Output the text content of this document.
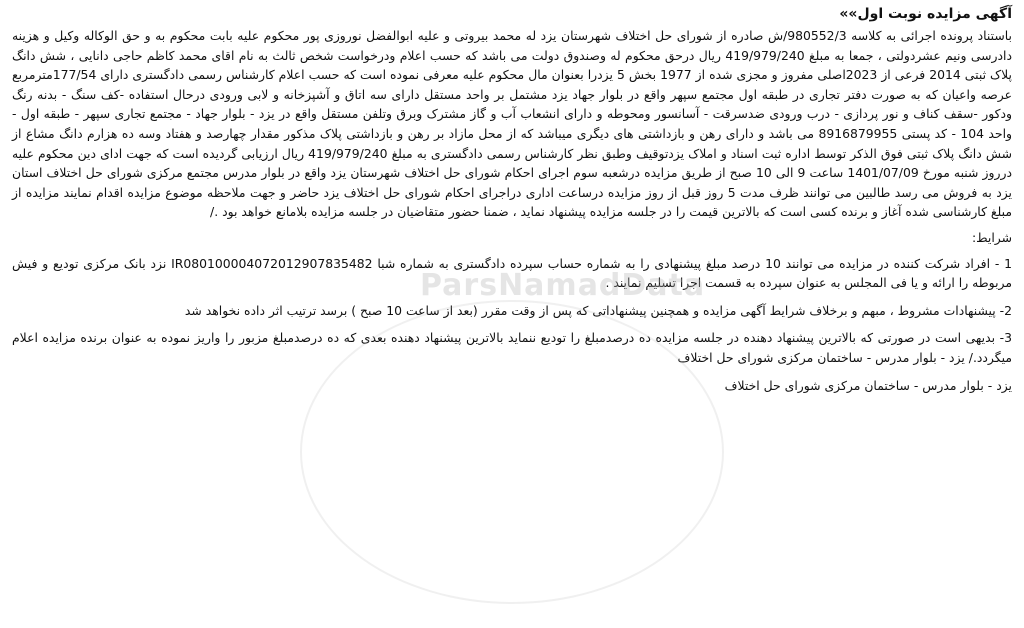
ParsNamadData
آگهی مزایده نوبت اول»»

باستناد پرونده اجرائی به کلاسه 980552/3/ش صادره از شورای حل اختلاف شهرستان یزد له محمد بیروتی و علیه ابوالفضل نوروزی پور محکوم علیه بابت محکوم به و حق الوکاله وکیل و هزینه دادرسی ونیم عشردولتی ، جمعا به مبلغ 419/979/240 ریال درحق محکوم له وصندوق دولت می باشد که حسب اعلام ودرخواست شخص ثالث به نام اقای محمد کاظم حاجی دانایی ، شش دانگ پلاک ثبتی 2014 فرعی از 2023اصلی مفروز و مجزی شده از 1977 بخش 5 یزدرا بعنوان مال محکوم علیه معرفی نموده است که حسب اعلام کارشناس رسمی دادگستری دارای 177/54مترمربع عرصه واعیان که به صورت دفتر تجاری در طبقه اول مجتمع سپهر واقع در بلوار جهاد یزد مشتمل بر واحد مستقل دارای سه اتاق و آشپزخانه و لابی ورودی درحال استفاده -کف سنگ - بدنه رنگ ودکور -سقف کناف و نور پردازی - درب ورودی ضدسرقت - آسانسور ومحوطه و دارای انشعاب آب و گاز مشترک وبرق وتلفن مستقل واقع در یزد - بلوار جهاد - مجتمع تجاری سپهر - طبقه اول - واحد 104 - کد پستی 8916879955 می باشد و دارای رهن و بازداشتی های دیگری میباشد که از محل مازاد بر رهن و بازداشتی پلاک مذکور مقدار چهارصد و هفتاد وسه ده هزارم دانگ مشاع از شش دانگ پلاک ثبتی فوق الذکر توسط اداره ثبت اسناد و املاک یزدتوقیف وطبق نظر کارشناس رسمی دادگستری به مبلغ 419/979/240 ریال ارزیابی گردیده است که جهت ادای دین محکوم علیه درروز شنبه مورخ 1401/07/09 ساعت 9 الی 10 صبح از طریق مزایده درشعبه سوم اجرای احکام شورای حل اختلاف شهرستان یزد واقع در بلوار مدرس مجتمع مرکزی شورای حل اختلاف استان یزد به فروش می رسد طالبین می توانند ظرف مدت 5 روز قبل از روز مزایده درساعت اداری دراجرای احکام شورای حل اختلاف یزد حاضر و جهت ملاحظه موضوع مزایده اقدام نمایند مزایده از مبلغ کارشناسی شده آغاز و برنده کسی است که بالاترین قیمت را در جلسه مزایده پیشنهاد نماید ، ضمنا حضور متقاضیان در جلسه مزایده بلامانع خواهد بود ./

شرایط:
1 - افراد شرکت کننده در مزایده می توانند 10 درصد مبلغ پیشنهادی را به شماره حساب سپرده دادگستری به شماره شبا IR080100004072012907835482 نزد بانک مرکزی تودیع و فیش مربوطه را ارائه و یا فی المجلس به عنوان سپرده به قسمت اجرا تسلیم نمایند .
2- پیشنهادات مشروط ، مبهم و برخلاف شرایط آگهی مزایده و همچنین پیشنهاداتی که پس از وقت مقرر (بعد از ساعت 10 صبح ) برسد ترتیب اثر داده نخواهد شد
3- بدیهی است در صورتی که بالاترین پیشنهاد دهنده در جلسه مزایده ده درصدمبلغ را تودیع ننماید بالاترین پیشنهاد دهنده بعدی که ده درصدمبلغ مزبور را واریز نموده به عنوان برنده مزایده اعلام میگردد./ یزد - بلوار مدرس - ساختمان مرکزی شورای حل اختلاف
یزد - بلوار مدرس - ساختمان مرکزی شورای حل اختلاف
